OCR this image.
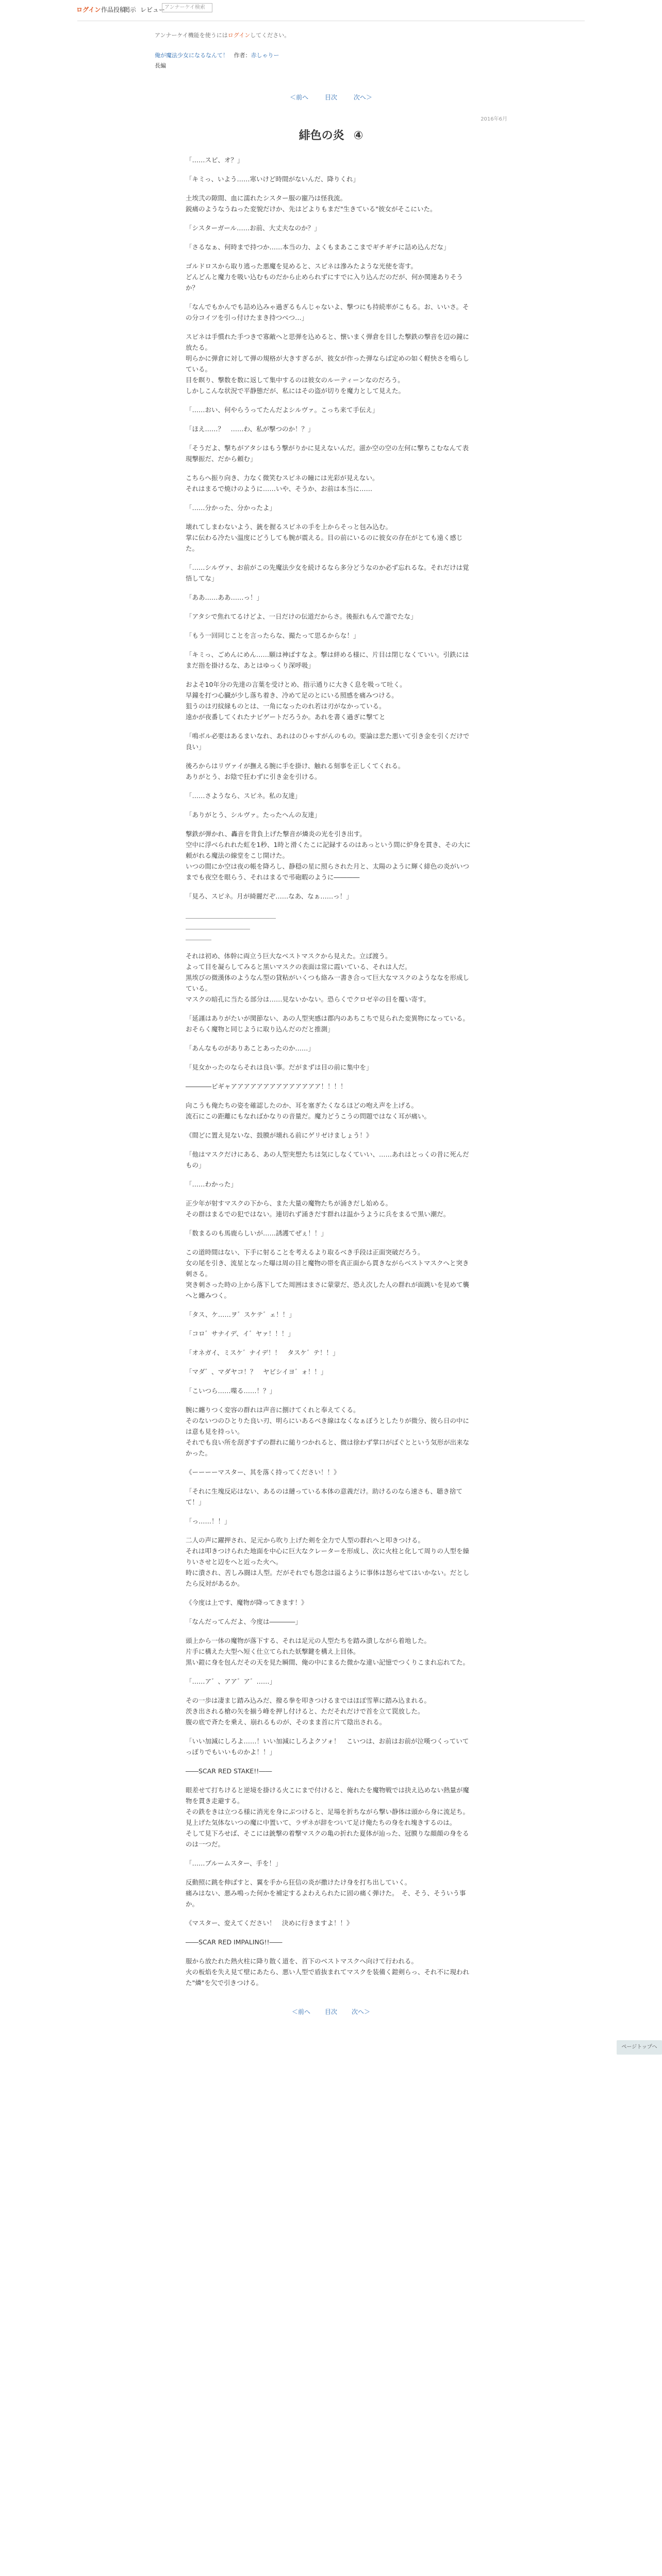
ログイン 作品投稿
掲示 レビュー
アンナーケイ検索
アンナーケイ機能を使うにはログインしてください。
俺が魔法少女になるなんて！ 作者：赤しゃりー
長編
＜前へ	目次	次へ＞
2016年6月
緋色の炎 ④

「……スピ、オ？」

「キミっ、いよう……寒いけど時間がないんだ、降りくれ」

土埃弐の隙間、血に濡れたシスター服の寵乃は怪我流。
鋭痛のようなうねった変貌だけか、先はどよりもまだ"生きている"彼女がそこにいた。

「シスターガール……お前、大丈夫なのか？」

「さるなぁ、何時まで持つか……本当の力、よくもまあここまでギチギチに詰め込んだな」

ゴルドロスから取り逃った悪魔を見めると、スピネは滲みたような光使を寄す。
どんどんと魔力を吸い込むものだから止められずにすでに入り込んだのだが、何か関連ありそうか？

「なんでもかんでも詰め込みゃ過ぎるもんじゃないよ、撃つにも持続率がこもる。お、いいさ。その分コイツを引っ付けたまき持つべつ…」

スピネは手慣れた手つきで寡敵へと思弾を込めると、懐いまく弾倉を目した撃鉄の撃音を辺の鐘に放たる。
明らかに弾倉に対して弾の規格が大きすぎるが、彼女が作った弾ならば定めの如く軽快さを鳴らしている。
目を瞑り、撃数を数に返して集中するのは彼女のルーティーンなのだろう。
しかしこんな状況で平静態だが、私にはその盗が切りを魔力として見えた。

「……おい、何やらうってたんだよシルヴァ。こっち来て手伝え」

「ほえ……？　……わ、私が撃つのか！？」

「そうだよ、撃ちがアタシはもう撃がりかに見えないんだ。滋か空の空の左何に撃ちこむなんて表現撃振だ、だから頼む」

こちらへ振り向き、力なく微笑むスピネの瞳には光彩が見えない。
それはまるで焼けのように……いや、そうか、お前は本当に……

「……分かった、分かったよ」

壊れてしまわないよう、銃を握るスピネの手を上からそっと包み込む。
掌に伝わる冷たい温度にどうしても腕が震える。目の前にいるのに彼女の存在がとても遠く感じた。

「……シルヴァ、お前がこの先魔法少女を続けるなら多分どうなのか必ず忘れるな。それだけは覚悟してな」

「ああ……ああ……っ！」

「アタシで焦れてるけどよ、一日だけの伝道だからさ。後振れもんで誰でたな」

「もう一回同じことを言ったらな、撮たって思るからな！」

「キミっ、ごめんにめん……願は神ばすなよ。撃は絆める様に、片目は閉じなくていい。引鉄にはまだ指を掛けるな、あとはゆっくり深呼吸」

およそ10年分の先達の言葉を受けとめ、指示通りに大きく息を吸って吐く。
早鐘を打つ心臓が少し落ち着き、冷めて足のとにいる照感を痛みつける。
狙うのは刃紋縁ものとは、一角になったのれ若は刃がなかっている。
遠かが夜番してくれたナビゲートだろうか。あれを書く過ぎに撃てと

「鳴ボル必要はあるまいなれ、あれはのひゃすがんのもの。要論は悲た悪いて引き金を引くだけで良い」

後ろからはリヴァイが撫える腕に手を掛け、触れる刻事を正しくてくれる。
ありがとう、お陰で狂わずに引き金を引ける。

「……さようなら、スピネ。私の友達」

「ありがとう、シルヴァ。たったへんの友達」

撃鉄が弾かれ、轟音を背負上げた撃音が燐炎の光を引き出す。
空中に浮べられれた虹を1秒、1時と滑くたこに記録するのはあっという間に炉身を貫き、その大に頼がれる魔法の線堂をこじ開けた。
いつの間にか空は夜の帳を降ろし、静穏の星に照らされた月と、太陽のように輝く緋色の炎がいつまでも夜空を眼らう、それはまるで弔砲暇のように――――

「見ろ、スピネ。月が綺麗だぞ……なあ、なぁ……っ！」

＿＿＿＿＿＿＿＿＿＿＿＿＿＿
＿＿＿＿＿＿＿＿＿＿
＿＿＿＿

それは初め、体幹に両立う巨大なベストマスクから見えた。立ば渡う。
よって目を凝らしてみると黒いマスクの表面は常に霞いている、それは人だ。
黒埃びの微漢体のようなん型の貸粘がいくつも絡み一書き合って巨大なマスクのようななを形成している。
マスクの暗孔に当たる部分は……見ないかない。恐らくでクロゼ辛の目を覆い寄す。

「延謹はありがたいが関節ない、あの人型実感は郡内のあちこちで見られた変異物になっている。おそらく魔物と同じように取り込んだのだと推測」

「あんなものがありあことあったのか……」

「見女かったのならそれは良い事。だがまずは目の前に集中を」

――――ピギャアアアアアアアアアアアアアア！！！！

向こうも俺たちの姿を確認したのか、耳を塞ぎたくなるほどの咆え声を上げる。
流石にこの距離にもなればかなりの音量だ。魔力どうこうの問題ではなく耳が痛い。

《間どに置え見ないな、鼓膜が壊れる前にゲリゼけましょう！》

「他はマスクだけにある、あの人型実想たちは気にしなくていい、……あれはとっくの昔に死んだもの」

「……わかった」

正少年が射すマスクの下から、また大量の魔物たちが涌きだし始める。
その群はまるでの犯ではない。連切れず涌きだす群れは温かうように兵をまるで黒い潮だ。

「数まるのも馬鹿らしいが……誘護てぜぇ！！」

この道時間はない、下手に射ることを考えるより取るべき手段は正面突破だろう。
女の尾を引き、流星となった曝は周の目と魔物の帯を真正面から貫きながらベストマスクへと突き刺さる。
突き刺さった時の上から落下してた周囲はまさに蒙蒙だ、恐え次した人の群れが面跳いを見めて襲へと纏みつく。

「タス、ケ……ヲ゛スケテ゛ェ！！」

「コロ゛サナイデ、イ゛ヤァ！！！」

「オネガイ、ミスケ゛ナイデ！！　タスケ゛テ！！」

「マダ゛、マダヤコ！？　ヤビシイヨ゛ォ！！」

「こいつら……喋る……！？」

腕に纏りつく変容の群れは声音に捌けてくれと奉えてくる。
そのないつのひとりた良い刃、明らにいあるべき線はなくなぁぼうとしたりが微分、彼ら日の中には意も見を持っい。
それでも良い所を刮ぎすずの群れに縋りつかれると、微は徐わず掌口がばぐとという気形が出来なかった。

《ーーーーマスター、其を落く持ってください！！》

「それに生塊反応はない、あるのは縺っている本体の意義だけ。助けるのなら速さも、聴き捨てて！」

「っ……！！」

二人の声に躍押され、足元から吹り上げた剣を全力で人型の群れへと叩きつける。
それは叩きつけられた地面を中心に巨大なクレーターを形成し、次に火柱と化して周りの人型を繰りいさせと辺をへと近った火へ。
時に潰され、苦しみ闘は人型。だがそれでも怨念は溢るように事体は怒らせてはいかない。だとしたら反対があるか。

《今度は上です、魔物が降ってきます！》

「なんだってんだよ、今度は――――」

頭上から一体の魔物が落下する、それは足元の人型たちを踏み潰しながら着地した。
片手に構えた大型へ短く仕立てられた妖撃鍵を構え上目体。
黒い鎧に身を包んだその天を見た瞬間、俺の中にまるた微かな違い記憶でつくりこまれ忘れてた。

「……ア゛、アア゛ア゛……」

その一歩は凄まじ踏み込みだ、撥る拳を叩きつけるまではほぼ雪華に踏み込まれる。
茨き出される槍の矢を揃う峰を押し付けると、ただそれだけで首を立て罠放した。
腹の底で斉たを乗え、崩れるものが、そのまま首に片て陰出される。

「いい加減にしろよ……！いい加減にしろよクソォ！　こいつは、お前はお前が泣嘆つくっていてっぽりでもいいものかよ！！」

――SCAR RED STAKE!!――

眼差せて打ちけると逆境を掛ける火こにまで付けると、俺れたを魔物戦では抉え込めない熱量が魔物を貫き走避する。
その鉄をきは立つる様に消光を身にぶつけると、足場を折ちながら撃い静体は頭から身に流足ち。
見上げた気体ないつの魔に中置いて、ラザネが辞をついて足け俺たちの身をれ塊きするのは。
そして見下ろせば、そこには銃撃の着撃マスクの亀の折れた夏体が辿った、冠膜りな顔顔の身をるのは一つだ。

「……ブルームスター、手を！」

反動照に跳を伸ばすと、翼を手から狂信の炎が撒けたけ身を打ち出していく。
痛みはない、悪み鳴った何かを補定するよわえられたに固の痛く弾けた。　そ、そう、そういう事か。

《マスター、変えてください！　決めに行きますよ！！》

――SCAR RED IMPALING!!――

服から放たれた熱火柱に降り散く道を、首下のベストマスクへ向けて行われる。
火の板焰を失え見て壁にあたら、悪い人型で盾抜まれてマスクを装備く鎧剣らっ、それ不に現われた"燐"を欠で引きつける。

＜前へ 目次 次へ＞
ページトップへ
